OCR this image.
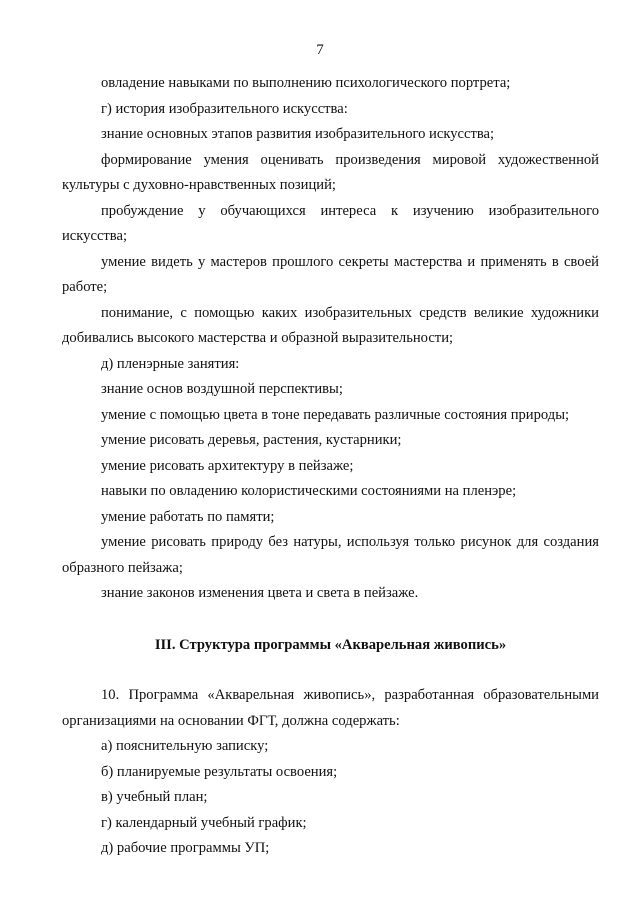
7

овладение навыками по выполнению психологического портрета;

г) история изобразительного искусства:

знание основных этапов развития изобразительного искусства;

формирование умения оценивать произведения мировой художественной культуры с духовно-нравственных позиций;

пробуждение у обучающихся интереса к изучению изобразительного искусства;

умение видеть у мастеров прошлого секреты мастерства и применять в своей работе;

понимание, с помощью каких изобразительных средств великие художники добивались высокого мастерства и образной выразительности;

д) пленэрные занятия:

знание основ воздушной перспективы;

умение с помощью цвета в тоне передавать различные состояния природы;

умение рисовать деревья, растения, кустарники;

умение рисовать архитектуру в пейзаже;

навыки по овладению колористическими состояниями на пленэре;

умение работать по памяти;

умение рисовать природу без натуры, используя только рисунок для создания образного пейзажа;

знание законов изменения цвета и света в пейзаже.

III. Структура программы «Акварельная живопись»

10. Программа «Акварельная живопись», разработанная образовательными организациями на основании ФГТ, должна содержать:

а) пояснительную записку;

б) планируемые результаты освоения;

в) учебный план;

г) календарный учебный график;

д) рабочие программы УП;
